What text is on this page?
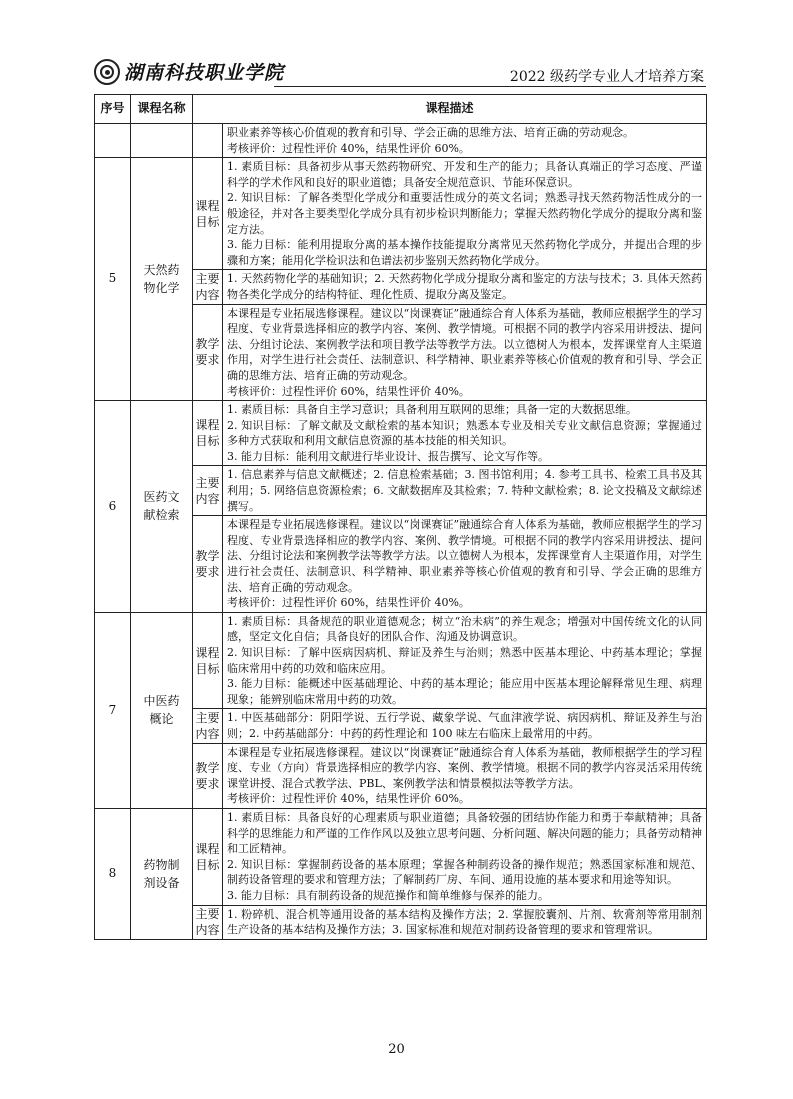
湖南科技职业学院	2022 级药学专业人才培养方案
序号	课程名称	课程描述	

			职业素养等核心价值观的教育和引导、学会正确的思维方法、培育正确的劳动观念。

考核评价：过程性评价 40%，结果性评价 60%。

5	天然药物化学	课程目标	1. 素质目标：具备初步从事天然药物研究、开发和生产的能力；具备认真端正的学习态度、严谨科学的学术作风和良好的职业道德；具备安全规范意识、节能环保意识。

2. 知识目标：了解各类型化学成分和重要活性成分的英文名词；熟悉寻找天然药物活性成分的一般途径，并对各主要类型化学成分具有初步检识判断能力；掌握天然药物化学成分的提取分离和鉴定方法。

3. 能力目标：能利用提取分离的基本操作技能提取分离常见天然药物化学成分，并提出合理的步骤和方案；能用化学检识法和色谱法初步鉴别天然药物化学成分。

		主要内容	1. 天然药物化学的基础知识；2. 天然药物化学成分提取分离和鉴定的方法与技术；3. 具体天然药物各类化学成分的结构特征、理化性质、提取分离及鉴定。

		教学要求	本课程是专业拓展选修课程。建议以“岗课赛证”融通综合育人体系为基础，教师应根据学生的学习程度、专业背景选择相应的教学内容、案例、教学情境。可根据不同的教学内容采用讲授法、提问法、分组讨论法、案例教学法和项目教学法等教学方法。以立德树人为根本，发挥课堂育人主渠道作用，对学生进行社会责任、法制意识、科学精神、职业素养等核心价值观的教育和引导、学会正确的思维方法、培育正确的劳动观念。

考核评价：过程性评价 60%，结果性评价 40%。

6	医药文献检索	课程目标	1. 素质目标：具备自主学习意识；具备利用互联网的思维；具备一定的大数据思维。

2. 知识目标：了解文献及文献检索的基本知识；熟悉本专业及相关专业文献信息资源；掌握通过多种方式获取和利用文献信息资源的基本技能的相关知识。

3. 能力目标：能利用文献进行毕业设计、报告撰写、论文写作等。

		主要内容	1. 信息素养与信息文献概述；2. 信息检索基础；3. 图书馆利用；4. 参考工具书、检索工具书及其利用；5. 网络信息资源检索；6. 文献数据库及其检索；7. 特种文献检索；8. 论文投稿及文献综述撰写。

		教学要求	本课程是专业拓展选修课程。建议以“岗课赛证”融通综合育人体系为基础，教师应根据学生的学习程度、专业背景选择相应的教学内容、案例、教学情境。可根据不同的教学内容采用讲授法、提问法、分组讨论法和案例教学法等教学方法。以立德树人为根本，发挥课堂育人主渠道作用，对学生进行社会责任、法制意识、科学精神、职业素养等核心价值观的教育和引导、学会正确的思维方法、培育正确的劳动观念。

考核评价：过程性评价 60%，结果性评价 40%。

7	中医药概论	课程目标	1. 素质目标：具备规范的职业道德观念；树立“治未病”的养生观念；增强对中国传统文化的认同感，坚定文化自信；具备良好的团队合作、沟通及协调意识。

2. 知识目标：了解中医病因病机、辩证及养生与治则；熟悉中医基本理论、中药基本理论；掌握临床常用中药的功效和临床应用。

3. 能力目标：能概述中医基础理论、中药的基本理论；能应用中医基本理论解释常见生理、病理现象；能辨别临床常用中药的功效。

		主要内容	1. 中医基础部分：阴阳学说、五行学说、藏象学说、气血津液学说、病因病机、辩证及养生与治则；2. 中药基础部分：中药的药性理论和 100 味左右临床上最常用的中药。

		教学要求	本课程是专业拓展选修课程。建议以“岗课赛证”融通综合育人体系为基础，教师根据学生的学习程度、专业（方向）背景选择相应的教学内容、案例、教学情境。根据不同的教学内容灵活采用传统课堂讲授、混合式教学法、PBL、案例教学法和情景模拟法等教学方法。

考核评价：过程性评价 40%，结果性评价 60%。

8	药物制剂设备	课程目标	1. 素质目标：具备良好的心理素质与职业道德；具备较强的团结协作能力和勇于奉献精神；具备科学的思维能力和严谨的工作作风以及独立思考问题、分析问题、解决问题的能力；具备劳动精神和工匠精神。

2. 知识目标：掌握制药设备的基本原理；掌握各种制药设备的操作规范；熟悉国家标准和规范、制药设备管理的要求和管理方法；了解制药厂房、车间、通用设施的基本要求和用途等知识。

3. 能力目标：具有制药设备的规范操作和简单维修与保养的能力。

		主要内容	1. 粉碎机、混合机等通用设备的基本结构及操作方法；2. 掌握胶囊剂、片剂、软膏剂等常用制剂生产设备的基本结构及操作方法；3. 国家标准和规范对制药设备管理的要求和管理常识。

20
